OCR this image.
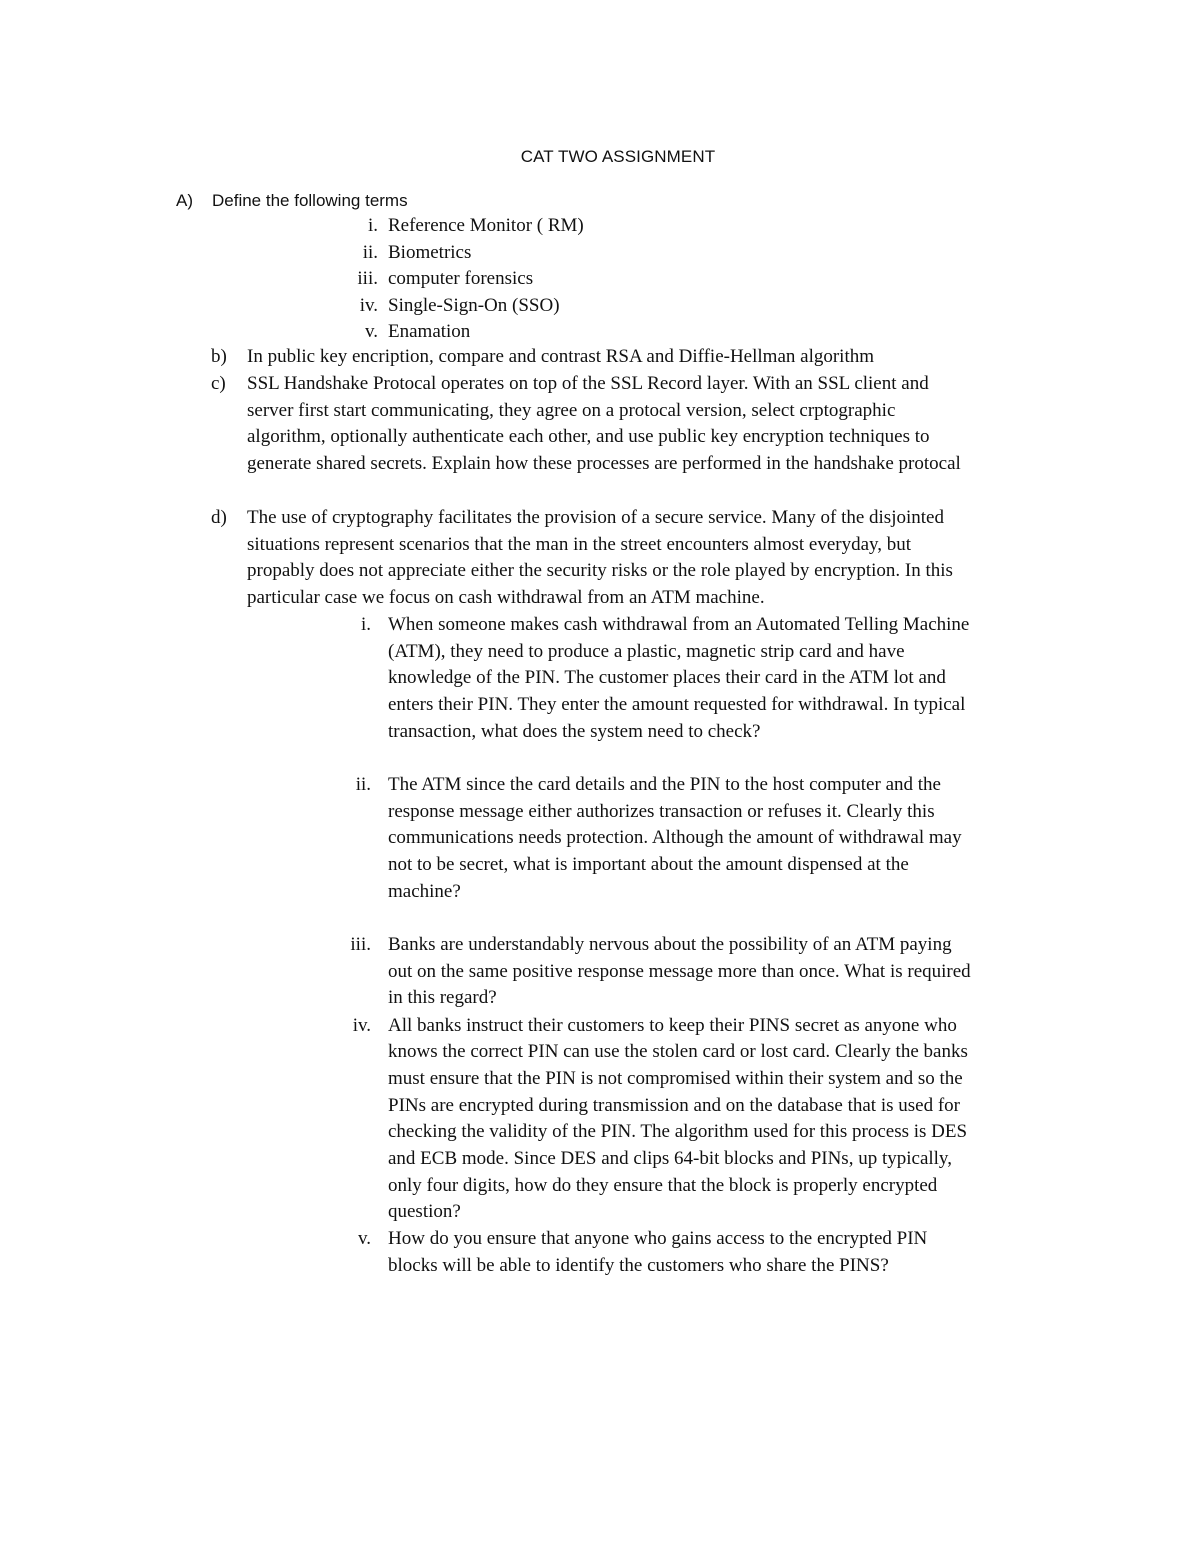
CAT TWO ASSIGNMENT
A) Define the following terms
i. Reference Monitor ( RM)
ii. Biometrics
iii. computer forensics
iv. Single-Sign-On (SSO)
v. Enamation
b)	In public key encription, compare and contrast RSA and Diffie-Hellman algorithm
c)	SSL Handshake Protocal operates on top of the SSL Record layer. With an SSL client and
server first start communicating, they agree on a protocal version, select crptographic
algorithm, optionally authenticate each other, and use public key encryption techniques to
generate shared secrets. Explain how these processes are performed in the handshake protocal
d)	The use of cryptography facilitates the provision of a secure service. Many of the disjointed
situations represent scenarios that the man in the street encounters almost everyday, but
propably does not appreciate either the security risks or the role played by encryption. In this
particular case we focus on cash withdrawal from an ATM machine.
i. When someone makes cash withdrawal from an Automated Telling Machine
(ATM), they need to produce a plastic, magnetic strip card and have
knowledge of the PIN. The customer places their card in the ATM lot and
enters their PIN. They enter the amount requested for withdrawal. In typical
transaction, what does the system need to check?
ii. The ATM since the card details and the PIN to the host computer and the
response message either authorizes transaction or refuses it. Clearly this
communications needs protection. Although the amount of withdrawal may
not to be secret, what is important about the amount dispensed at the
machine?
iii. Banks are understandably nervous about the possibility of an ATM paying
out on the same positive response message more than once. What is required
in this regard?
iv. All banks instruct their customers to keep their PINS secret as anyone who
knows the correct PIN can use the stolen card or lost card. Clearly the banks
must ensure that the PIN is not compromised within their system and so the
PINs are encrypted during transmission and on the database that is used for
checking the validity of the PIN. The algorithm used for this process is DES
and ECB mode. Since DES and clips 64-bit blocks and PINs, up typically,
only four digits, how do they ensure that the block is properly encrypted
question?
v. How do you ensure that anyone who gains access to the encrypted PIN
blocks will be able to identify the customers who share the PINS?
